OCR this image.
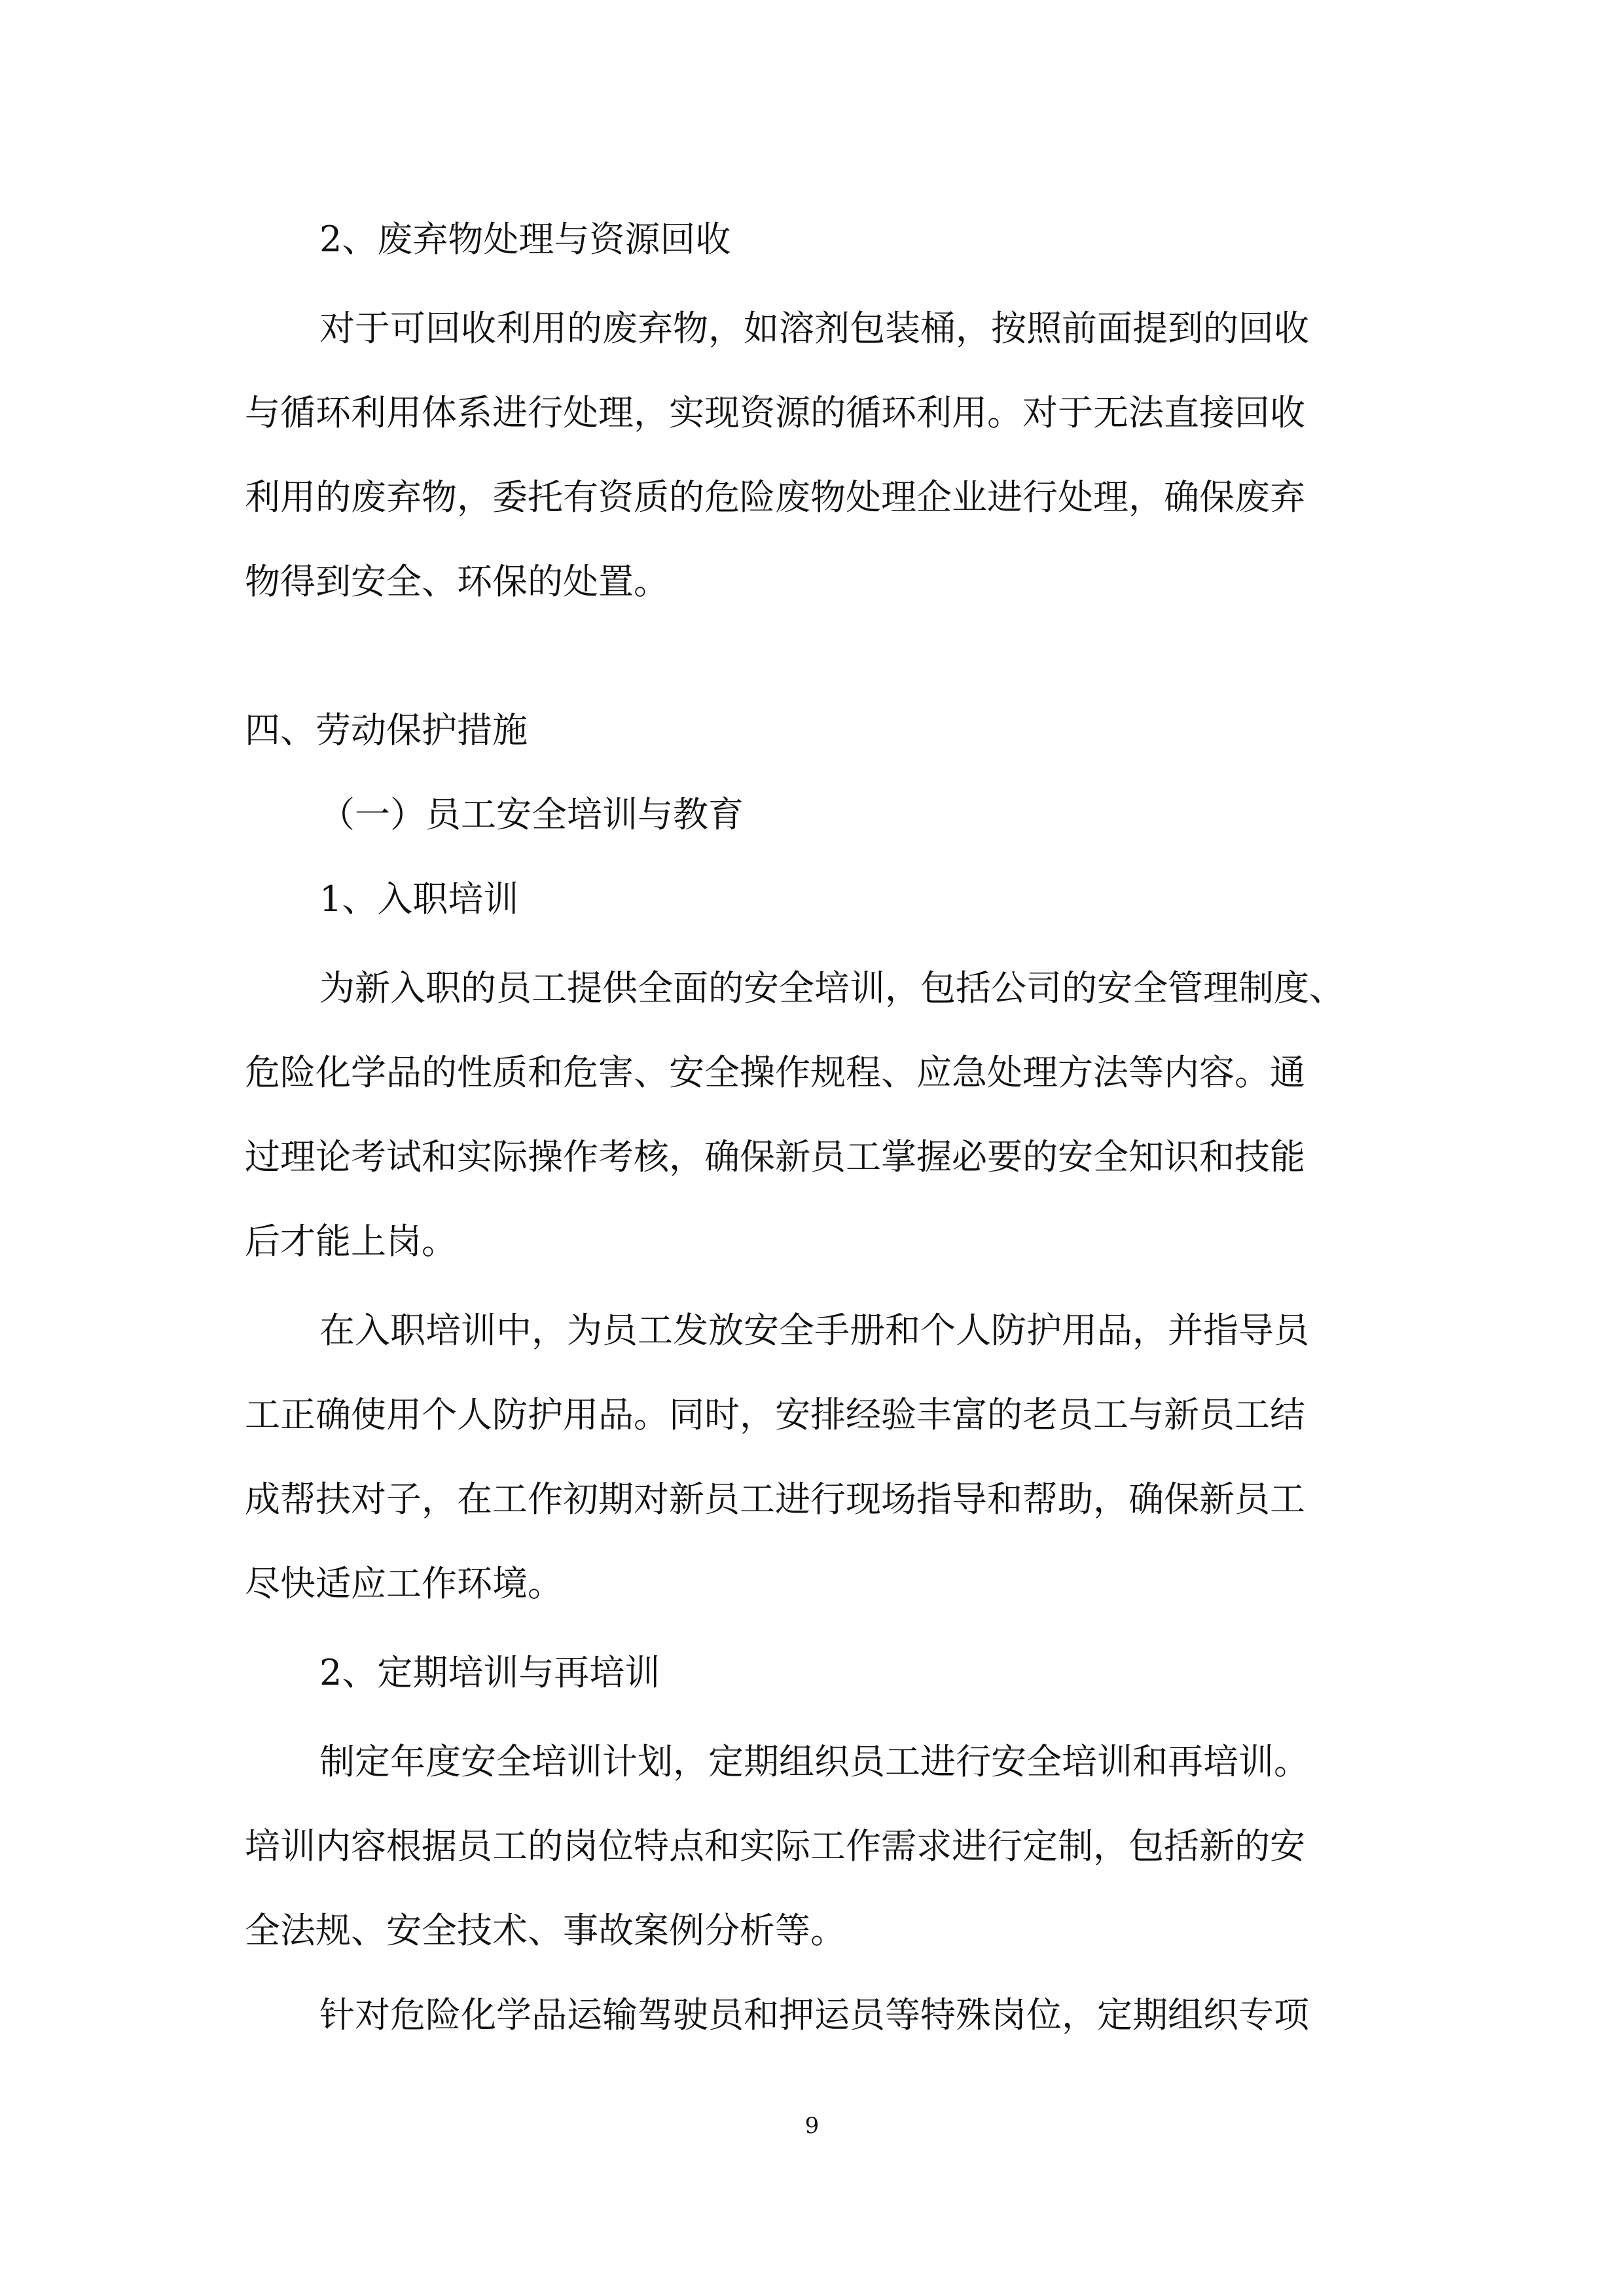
2、废弃物处理与资源回收

对于可回收利用的废弃物，如溶剂包装桶，按照前面提到的回收

与循环利用体系进行处理，实现资源的循环利用。对于无法直接回收

利用的废弃物，委托有资质的危险废物处理企业进行处理，确保废弃

物得到安全、环保的处置。

四、劳动保护措施

（一）员工安全培训与教育

1、入职培训

为新入职的员工提供全面的安全培训，包括公司的安全管理制度、

危险化学品的性质和危害、安全操作规程、应急处理方法等内容。通

过理论考试和实际操作考核，确保新员工掌握必要的安全知识和技能

后才能上岗。

在入职培训中，为员工发放安全手册和个人防护用品，并指导员

工正确使用个人防护用品。同时，安排经验丰富的老员工与新员工结

成帮扶对子，在工作初期对新员工进行现场指导和帮助，确保新员工

尽快适应工作环境。

2、定期培训与再培训

制定年度安全培训计划，定期组织员工进行安全培训和再培训。

培训内容根据员工的岗位特点和实际工作需求进行定制，包括新的安

全法规、安全技术、事故案例分析等。

针对危险化学品运输驾驶员和押运员等特殊岗位，定期组织专项

9
